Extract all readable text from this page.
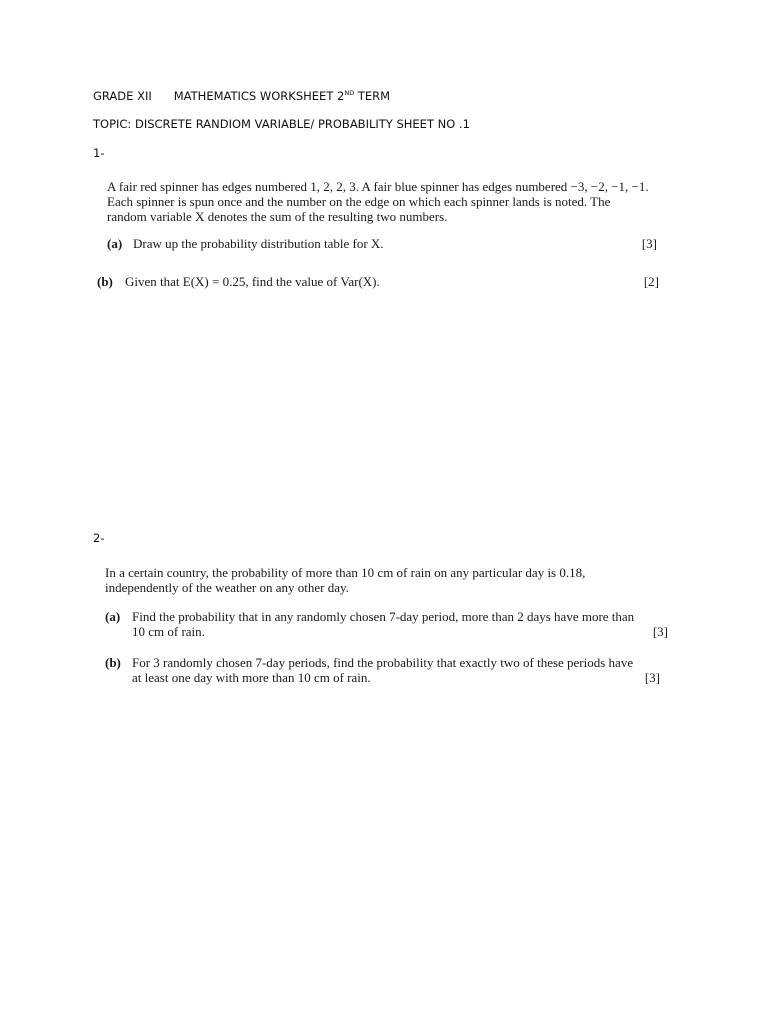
GRADE XII MATHEMATICS WORKSHEET 2ND TERM
TOPIC: DISCRETE RANDIOM VARIABLE/ PROBABILITY SHEET NO .1
1-
A fair red spinner has edges numbered 1, 2, 2, 3. A fair blue spinner has edges numbered −3, −2, −1, −1.
Each spinner is spun once and the number on the edge on which each spinner lands is noted. The
random variable X denotes the sum of the resulting two numbers.
(a) Draw up the probability distribution table for X.	[3]
(b) Given that E(X) = 0.25, find the value of Var(X).	[2]
2-
In a certain country, the probability of more than 10 cm of rain on any particular day is 0.18,
independently of the weather on any other day.
(a) Find the probability that in any randomly chosen 7-day period, more than 2 days have more than
10 cm of rain.	[3]
(b) For 3 randomly chosen 7-day periods, find the probability that exactly two of these periods have
at least one day with more than 10 cm of rain.	[3]
